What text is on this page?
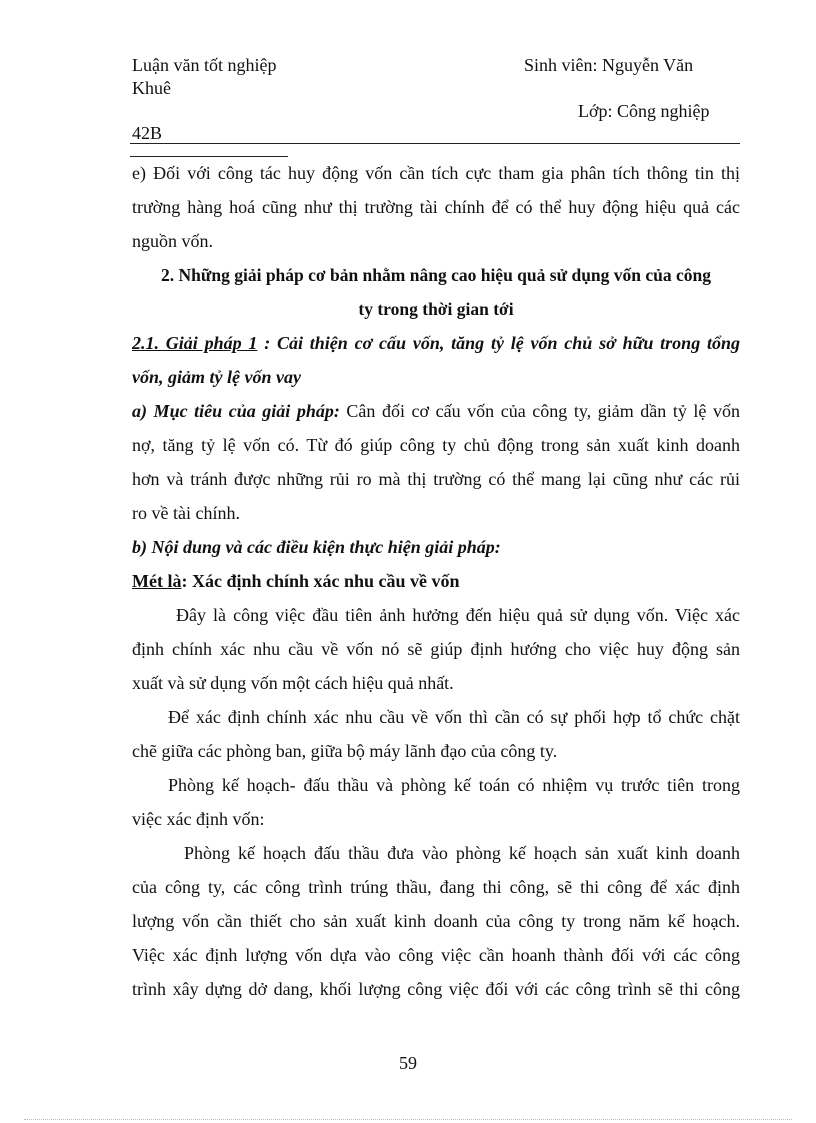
Luận văn tốt nghiệp	Sinh viên: Nguyễn Văn
Khuê
Lớp: Công nghiệp
42B
e) Đối với công tác huy động vốn cần tích cực tham gia phân tích thông tin thị
trường hàng hoá cũng như thị trường tài chính để có thể huy động hiệu quả các
nguồn vốn.
2. Những giải pháp cơ bản nhằm nâng cao hiệu quả sử dụng vốn của công
ty trong thời gian tới
2.1. Giải pháp 1 : Cải thiện cơ cấu vốn, tăng tỷ lệ vốn chủ sở hữu trong tổng
vốn, giảm tỷ lệ vốn vay
a) Mục tiêu của giải pháp: Cân đối cơ cấu vốn của công ty, giảm dần tỷ lệ vốn
nợ, tăng tỷ lệ vốn có. Từ đó giúp công ty chủ động trong sản xuất kinh doanh
hơn và tránh được những rủi ro mà thị trường có thể mang lại cũng như các rủi
ro về tài chính.
b) Nội dung và các điều kiện thực hiện giải pháp:
Mét là: Xác định chính xác nhu cầu về vốn
Đây là công việc đầu tiên ảnh hưởng đến hiệu quả sử dụng vốn. Việc xác
định chính xác nhu cầu về vốn nó sẽ giúp định hướng cho việc huy động sản
xuất và sử dụng vốn một cách hiệu quả nhất.
Để xác định chính xác nhu cầu về vốn thì cần có sự phối hợp tổ chức chặt
chẽ giữa các phòng ban, giữa bộ máy lãnh đạo của công ty.
Phòng kế hoạch- đấu thầu và phòng kế toán có nhiệm vụ trước tiên trong
việc xác định vốn:
Phòng kế hoạch đấu thầu đưa vào phòng kế hoạch sản xuất kinh doanh
của công ty, các công trình trúng thầu, đang thi công, sẽ thi công để xác định
lượng vốn cần thiết cho sản xuất kinh doanh của công ty trong năm kế hoạch.
Việc xác định lượng vốn dựa vào công việc cần hoanh thành đối với các công
trình xây dựng dở dang, khối lượng công việc đối với các công trình sẽ thi công
59
